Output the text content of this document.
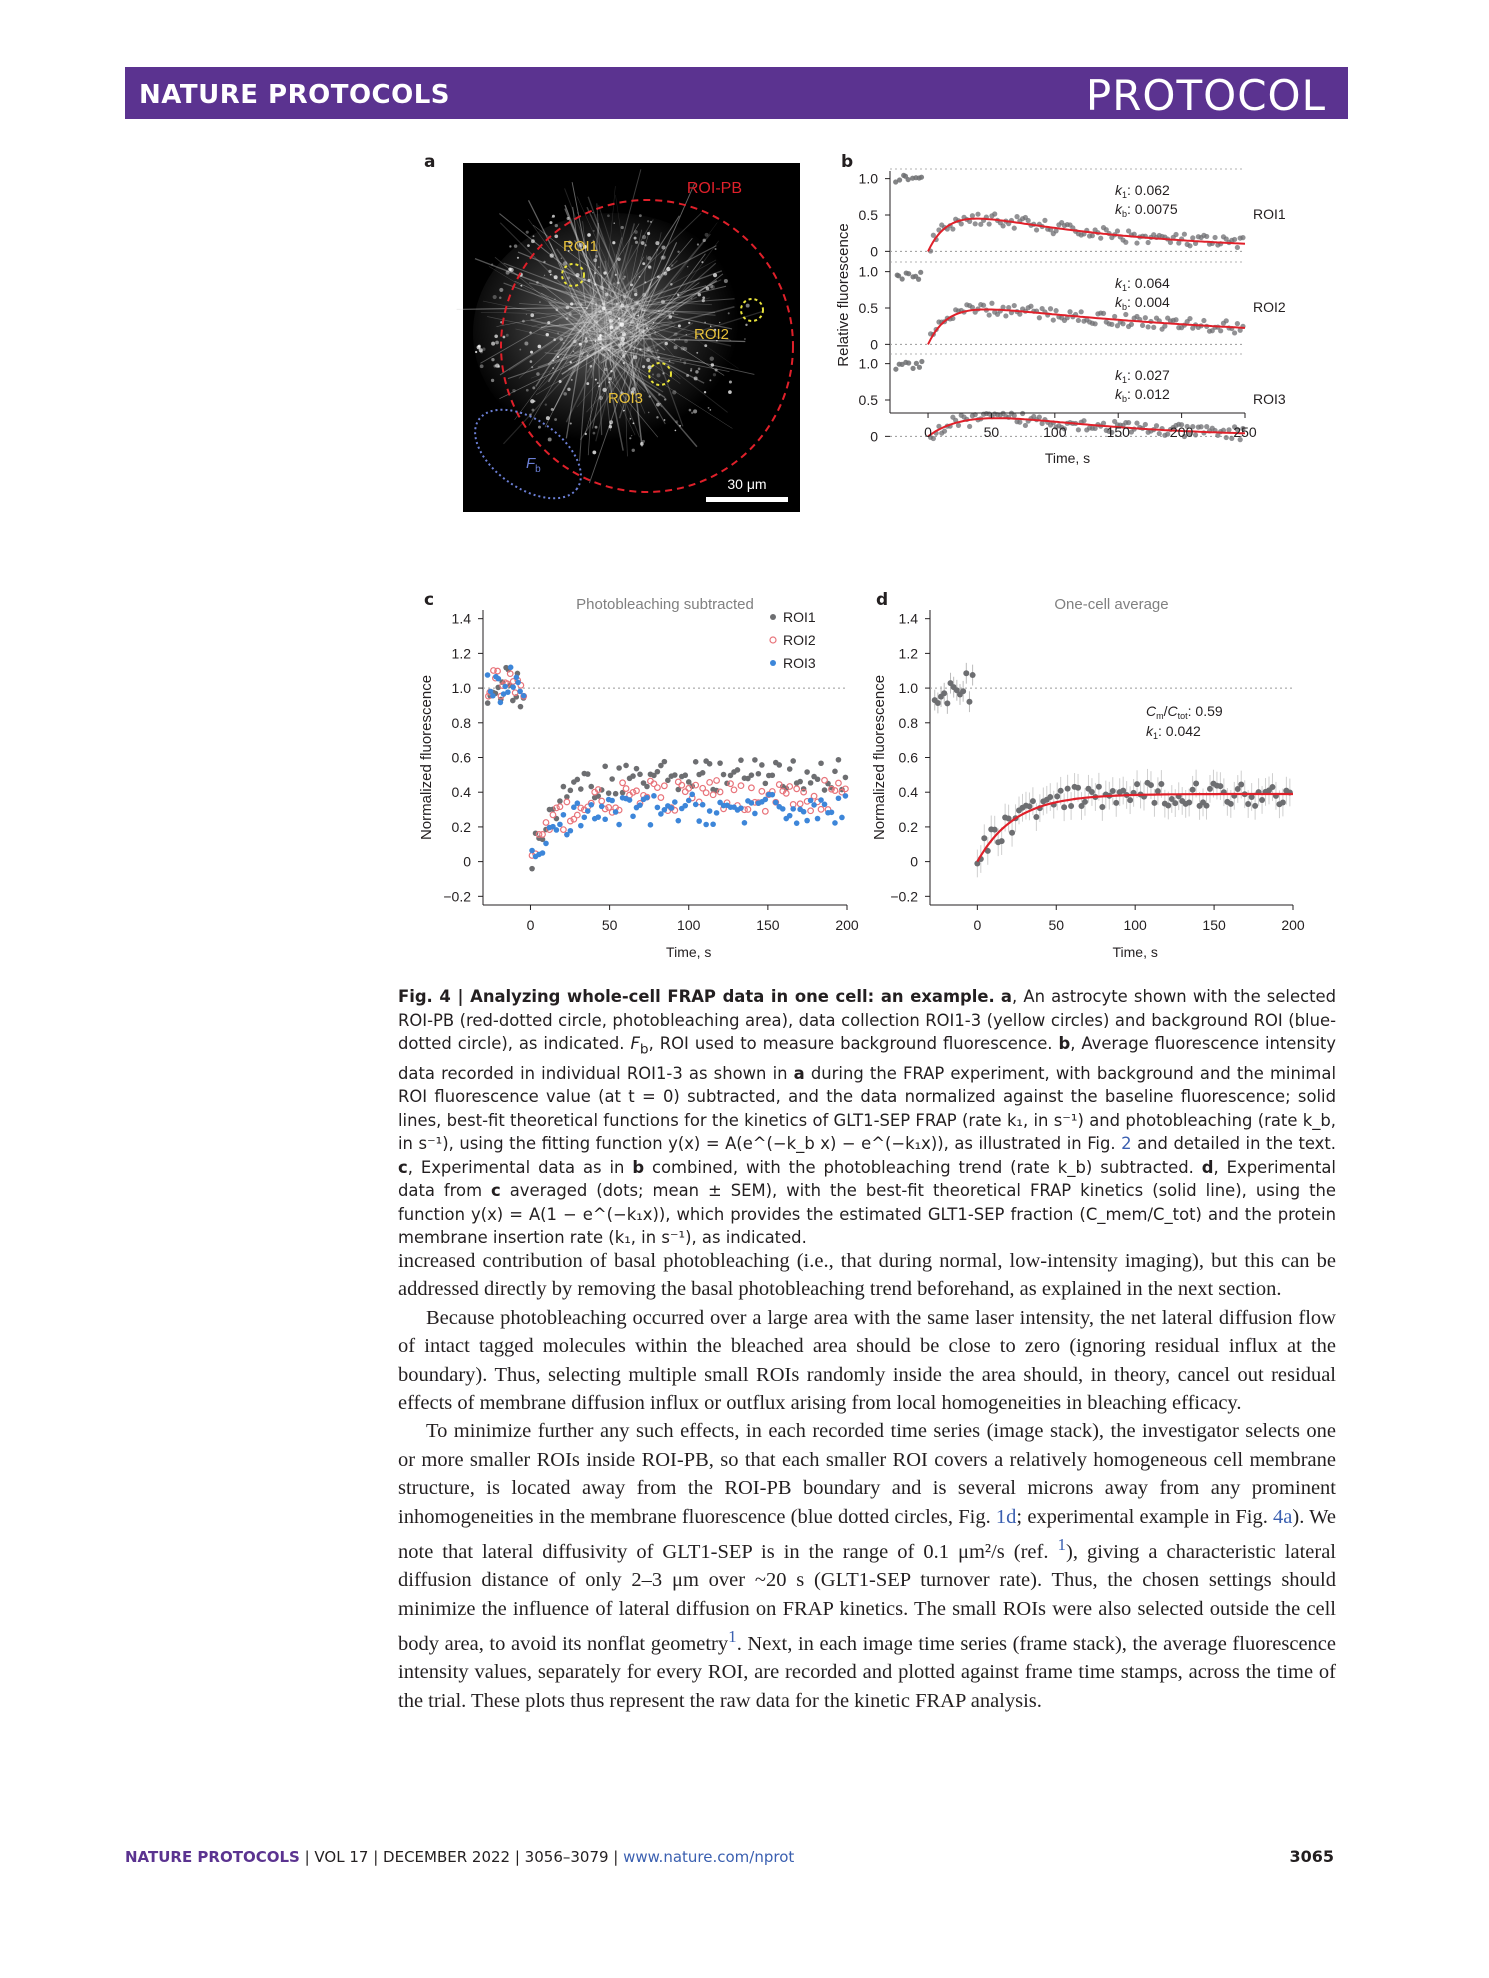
NATURE PROTOCOLS	PROTOCOL
a	b
c	d
ROI-PB
ROI1
ROI2
ROI3
$F_b$
30 μm
0
0.5
1.0
$k_1$: 0.062
$k_b$: 0.0075	ROI1
0
0.5
1.0
$k_1$: 0.064
$k_b$: 0.004	ROI2
0
0.5
1.0
$k_1$: 0.027
$k_b$: 0.012	ROI3
0	50	100	150	200	250
Time, s
Relative fluorescence
−0.2
0
0.2
0.4
0.6
0.8
1.0
1.2
1.4
0	50	100	150	200
Time, s
Normalized fluorescence
Photobleaching subtracted
ROI1
ROI2
ROI3
−0.2
0
0.2
0.4
0.6
0.8
1.0
1.2
1.4
0	50	100	150	200
Time, s
Normalized fluorescence
One-cell average
$C_m/C_{tot}$: 0.59
$k_1$: 0.042
Fig. 4 | Analyzing whole-cell FRAP data in one cell: an example. a, An astrocyte shown with the selected ROI-PB (red-dotted circle, photobleaching area), data collection ROI1-3 (yellow circles) and background ROI (blue-dotted circle), as indicated. $F_b$, ROI used to measure background fluorescence. b, Average fluorescence intensity data recorded in individual ROI1-3 as shown in a during the FRAP experiment, with background and the minimal ROI fluorescence value (at t = 0) subtracted, and the data normalized against the baseline fluorescence; solid lines, best-fit theoretical functions for the kinetics of GLT1-SEP FRAP (rate k₁, in s⁻¹) and photobleaching (rate k_b, in s⁻¹), using the fitting function y(x) = A(e^(−k_b x) − e^(−k₁x)), as illustrated in Fig. 2 and detailed in the text. c, Experimental data as in b combined, with the photobleaching trend (rate k_b) subtracted. d, Experimental data from c averaged (dots; mean ± SEM), with the best-fit theoretical FRAP kinetics (solid line), using the function y(x) = A(1 − e^(−k₁x)), which provides the estimated GLT1-SEP fraction (C_mem/C_tot) and the protein membrane insertion rate (k₁, in s⁻¹), as indicated.

increased contribution of basal photobleaching (i.e., that during normal, low-intensity imaging), but this can be addressed directly by removing the basal photobleaching trend beforehand, as explained in the next section.

Because photobleaching occurred over a large area with the same laser intensity, the net lateral diffusion flow of intact tagged molecules within the bleached area should be close to zero (ignoring residual influx at the boundary). Thus, selecting multiple small ROIs randomly inside the area should, in theory, cancel out residual effects of membrane diffusion influx or outflux arising from local homogeneities in bleaching efficacy.

To minimize further any such effects, in each recorded time series (image stack), the investigator selects one or more smaller ROIs inside ROI-PB, so that each smaller ROI covers a relatively homogeneous cell membrane structure, is located away from the ROI-PB boundary and is several microns away from any prominent inhomogeneities in the membrane fluorescence (blue dotted circles, Fig. 1d; experimental example in Fig. 4a). We note that lateral diffusivity of GLT1-SEP is in the range of 0.1 μm²/s (ref. $^1$), giving a characteristic lateral diffusion distance of only 2–3 μm over ~20 s (GLT1-SEP turnover rate). Thus, the chosen settings should minimize the influence of lateral diffusion on FRAP kinetics. The small ROIs were also selected outside the cell body area, to avoid its nonflat geometry$^1$. Next, in each image time series (frame stack), the average fluorescence intensity values, separately for every ROI, are recorded and plotted against frame time stamps, across the time of the trial. These plots thus represent the raw data for the kinetic FRAP analysis.

NATURE PROTOCOLS | VOL 17 | DECEMBER 2022 | 3056–3079 | www.nature.com/nprot	3065
